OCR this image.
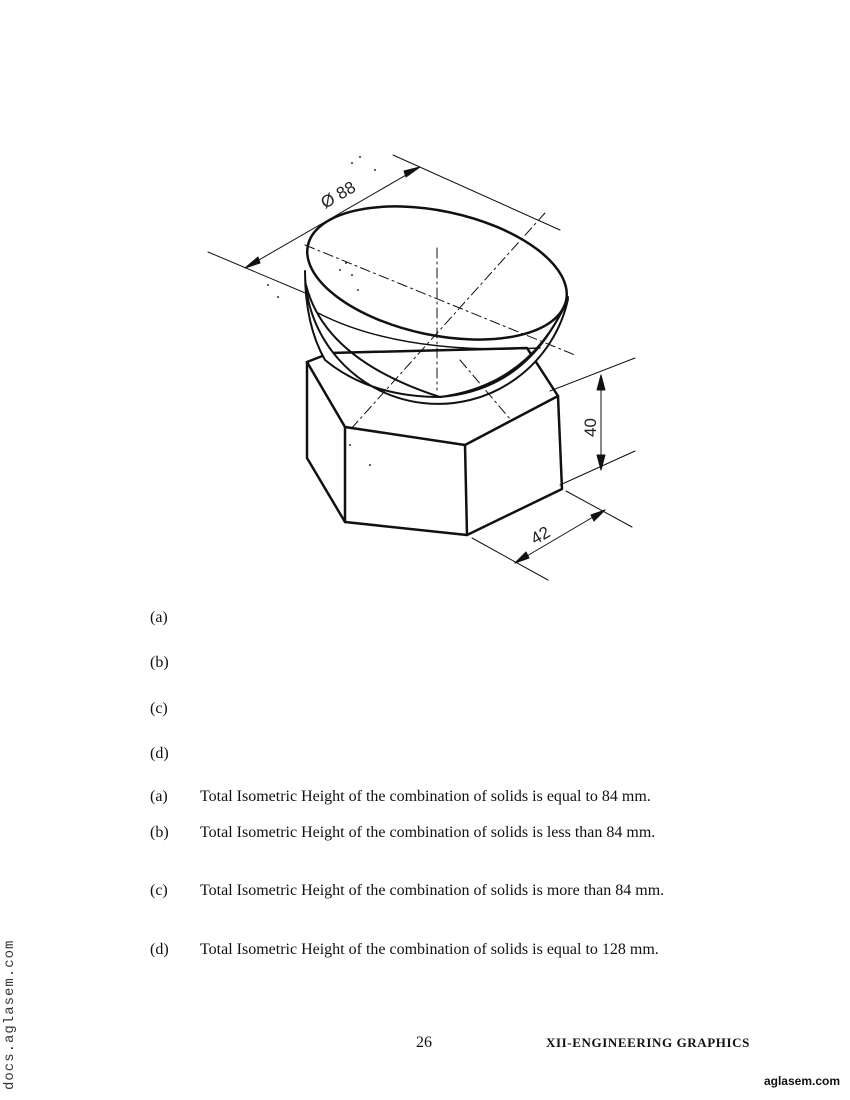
Ø 88
40
42
(a)
(b)
(c)
(d)
(a) Total Isometric Height of the combination of solids is equal to 84 mm.
(b) Total Isometric Height of the combination of solids is less than 84 mm.
(c) Total Isometric Height of the combination of solids is more than 84 mm.
(d) Total Isometric Height of the combination of solids is equal to 128 mm.
26	XII-ENGINEERING GRAPHICS
docs.aglasem.com	aglasem.com
